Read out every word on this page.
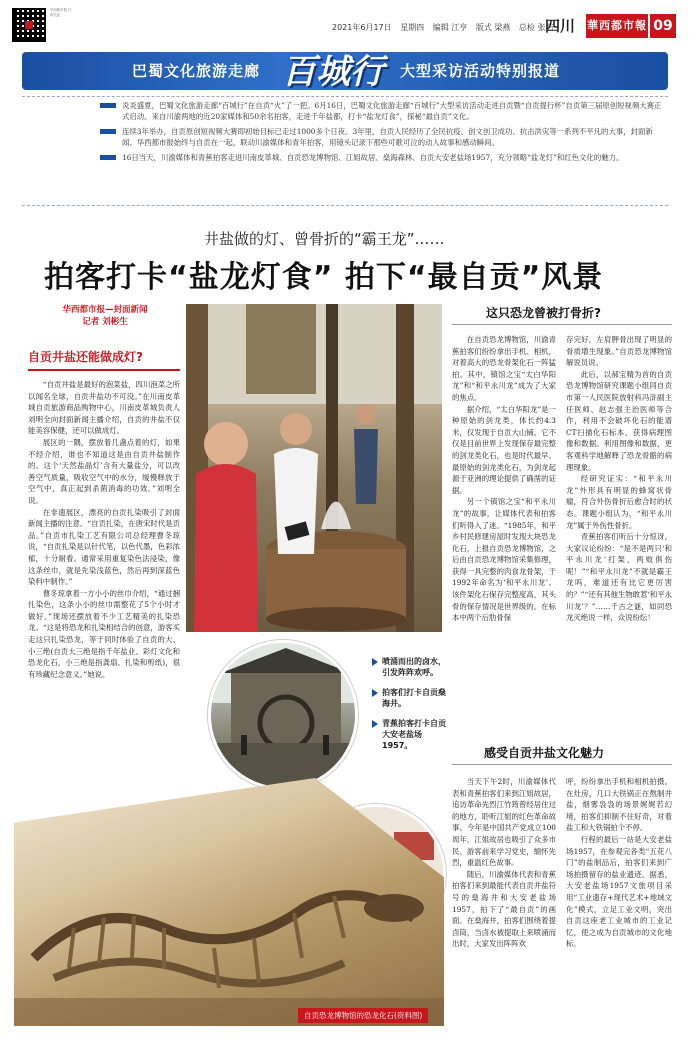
华西都市报 扫码关注
2021年6月17日 星期四 编辑 江亨 版式 梁燕 总检 张浩
四川	華西都市報 09
巴蜀文化旅游走廊 百城行 大型采访活动特别报道

炎炎盛夏，巴蜀文化旅游走廊“百城行”在自贡“火”了一把。6月16日，巴蜀文化旅游走廊“百城行”大型采访活动走进自贡暨“自贡提行杯”自贡第三届原创短视频大赛正式启动。来自川渝两地的近20家媒体和50余名拍客，走进千年盐都，打卡“盐龙灯食”，探秘“最自贡”文化。

连续3年举办，自贡原创短视频大赛即初始目标已走过1000多个日夜。3年里，自贡人民经历了全民抗疫、创文创卫成功、抗击洪灾等一系列不平凡的大事，封面新闻、华西都市报始终与自贡在一起，联动川渝媒体和青年拍客，用镜头记录下那些可歌可泣的动人故事和感动瞬间。

16日当天，川渝媒体和青蕉拍客走进川南皮革城、自贡恐龙博物馆、江姐故居、燊海森林、自贡大安老盐场1957，充分领略“盐龙灯”和红色文化的魅力。

井盐做的灯、曾骨折的“霸王龙”……
拍客打卡“盐龙灯食” 拍下“最自贡”风景
华西都市报—封面新闻
记者 刘彬生
自贡井盐还能做成灯?

“自贡井盐是最好的泡菜盐，四川泡菜之所以闻名全球，自贡井盐功不可没。”在川南皮革城自贡旅游商品购物中心，川南皮革城负责人刘明全向封面新闻主播介绍，自贡的井盐不仅能美容保健，还可以做成灯。

展区的一隅，摆放着几盏点着的灯，如果不经介绍，谁也不知道这是由自贡井盐制作的。这个‘天然盐晶灯’含有大量盐分，可以改善空气质量，吸收空气中的水分，缓慢释放于空气中，真正起到杀菌消毒的功效。”刘明全说。

在非遗展区，漂亮的自贡扎染吸引了封面新闻主播的注意。“自贡扎染，在唐宋时代是贡品。”自贡市扎染工艺有限公司总经理曹冬琼说，“自贡扎染是以针代笔，以色代墨，色彩浓郁，十分耐看。通常采用重复染色法浸染，像这条丝巾，就是先染浅蓝色，然后再到深蓝色染料中制作。”

曹冬琼拿着一方小小的丝巾介绍，“通过捆扎染色，这条小小的丝巾需整花了5个小时才做好。”现场还摆放着不少工艺精美的扎染恐龙。“这是将恐龙和扎染相结合的创意，游客买走这只扎染恐龙，等于同时体验了自贡的大、小三绝(自贡大三绝是指千年盐业、彩灯文化和恐龙化石，小三绝是指龚扇、扎染和剪纸)，很有珍藏纪念意义。”她说。

喷涌而出的卤水，引发阵阵欢呼。
拍客们打卡自贡燊海井。
青蕉拍客打卡自贡大安老盐场1957。
自贡恐龙博物馆的恐龙化石(资料图)
这只恐龙曾被打骨折?

在自贡恐龙博物馆，川渝青蕉拍客们纷纷拿出手机、相机，对着高大的恐龙骨架化石一阵猛拍。其中，镇馆之宝“太白华阳龙”和“和平永川龙”成为了大家的焦点。

据介绍，“太白华阳龙”是一种原始的剑龙类，体长约4.3米，仅发现于自贡大山铺。它不仅是目前世界上发现保存最完整的剑龙类化石，也是时代最早、最原始的剑龙类化石，为剑龙起源于亚洲的理论提供了确凿的证据。

另一个镇馆之宝“和平永川龙”的故事，让媒体代表和拍客们听得入了迷。“1985年，和平乡村民修建房屋时发现大块恐龙化石，上报自贡恐龙博物馆，之后由自贡恐龙博物馆采集修理，获得一具完整的肉食龙骨架，于1992年命名为‘和平永川龙’。该件架化石保存完整度高，其头骨的保存情况是世界级的。在标本中两个后肋骨保

存完好，左肩胛骨出现了明显的骨质增生现象。”自贡恐龙博物馆解说员说。

此后，以郝宝精为首的自贡恐龙博物馆研究课题小组同自贡市第一人民医院放射科冯浒副主任医师、赵志强主治医师等合作，利用不会破坏化石的能谱CT扫描化石标本，获得病理图像和数据。利用图像和数据，更客观科学地解释了恐龙骨骼的病理现象。

经研究证实：“和平永川龙”外形具有明显的蜂窝状骨瘤，符合外伤骨折后愈合时的状态。课题小组认为，“和平永川龙”属于外伤性骨折。

青蕉拍客们听后十分惊讶，大家议论纷纷：“是不是两只‘和平永川龙’打架，两败俱伤呢！”“和平永川龙”不就是霸王龙吗，难道还有比它更厉害的？”“还有其他生物敢惹‘和平永川龙’？”……千古之谜，如同恐龙灭绝说一样，众说纷纭！

感受自贡井盐文化魅力

当天下午2时，川渝媒体代表和青蕉拍客们来到江姐故居，追访革命先烈江竹筠曾经居住过的地方，聆听江姐的红色革命故事。今年是中国共产党成立100周年，江姐故居也吸引了众多市民、游客前来学习党史，缅怀先烈，重温红色故事。

随后，川渝媒体代表和青蕉拍客们来到最能代表自贡井盐符号的燊海井和大安老盐场1957，拍下了“最自贡”的画面。在燊海井，拍客们围绕着提卤筒，当卤水被提取上来喷涌而出时，大家发出阵阵欢

呼，纷纷拿出手机和相机拍摄。在灶房，几口大铁锅正在熬制井盐，烟雾袅袅的场景娓娓若幻境，拍客们抑制不住好奇，对着盐工和大铁锅拍个不停。

行程的最后一站是大安老盐场1957，在参观完各类“五花八门”的盐制品后，拍客们来到广场拍摄留存的盐业遗迹。据悉，大安老盐场1957文旅项目采用“工业遗存+现代艺术+地域文化”模式，立足工业文明，突出自贡这座老工业城市的工业记忆，使之成为自贡城市的文化地标。
